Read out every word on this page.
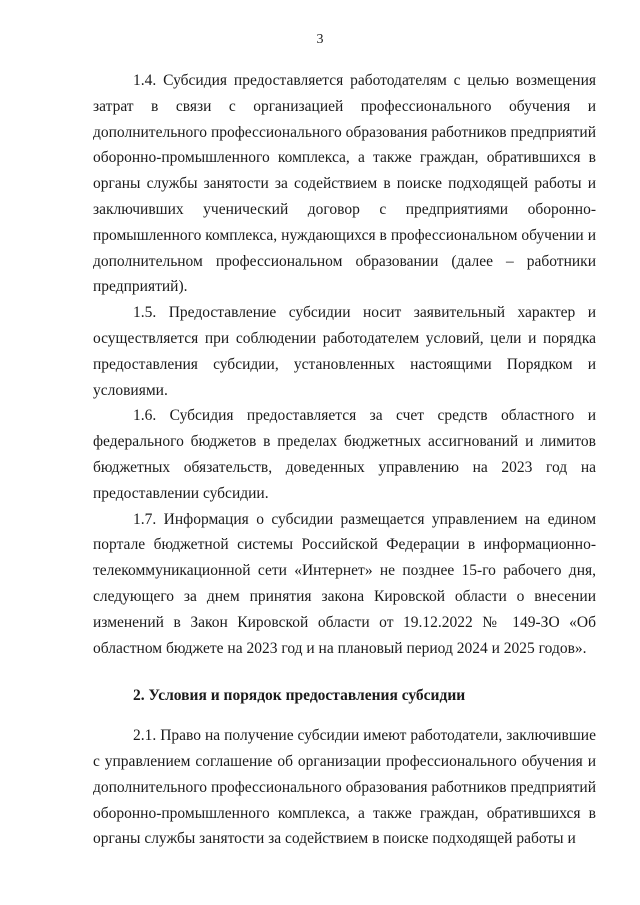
3

1.4. Субсидия предоставляется работодателям с целью возмещения затрат в связи с организацией профессионального обучения и дополнительного профессионального образования работников предприятий оборонно-промышленного комплекса, а также граждан, обратившихся в органы службы занятости за содействием в поиске подходящей работы и заключивших ученический договор с предприятиями оборонно-промышленного комплекса, нуждающихся в профессиональном обучении и дополнительном профессиональном образовании (далее – работники предприятий).

1.5. Предоставление субсидии носит заявительный характер и осуществляется при соблюдении работодателем условий, цели и порядка предоставления субсидии, установленных настоящими Порядком и условиями.

1.6. Субсидия предоставляется за счет средств областного и федерального бюджетов в пределах бюджетных ассигнований и лимитов бюджетных обязательств, доведенных управлению на 2023 год на предоставлении субсидии.

1.7. Информация о субсидии размещается управлением на едином портале бюджетной системы Российской Федерации в информационно-телекоммуникационной сети «Интернет» не позднее 15-го рабочего дня, следующего за днем принятия закона Кировской области о внесении изменений в Закон Кировской области от 19.12.2022 № 149-ЗО «Об областном бюджете на 2023 год и на плановый период 2024 и 2025 годов».

2. Условия и порядок предоставления субсидии

2.1. Право на получение субсидии имеют работодатели, заключившие с управлением соглашение об организации профессионального обучения и дополнительного профессионального образования работников предприятий оборонно-промышленного комплекса, а также граждан, обратившихся в органы службы занятости за содействием в поиске подходящей работы и
